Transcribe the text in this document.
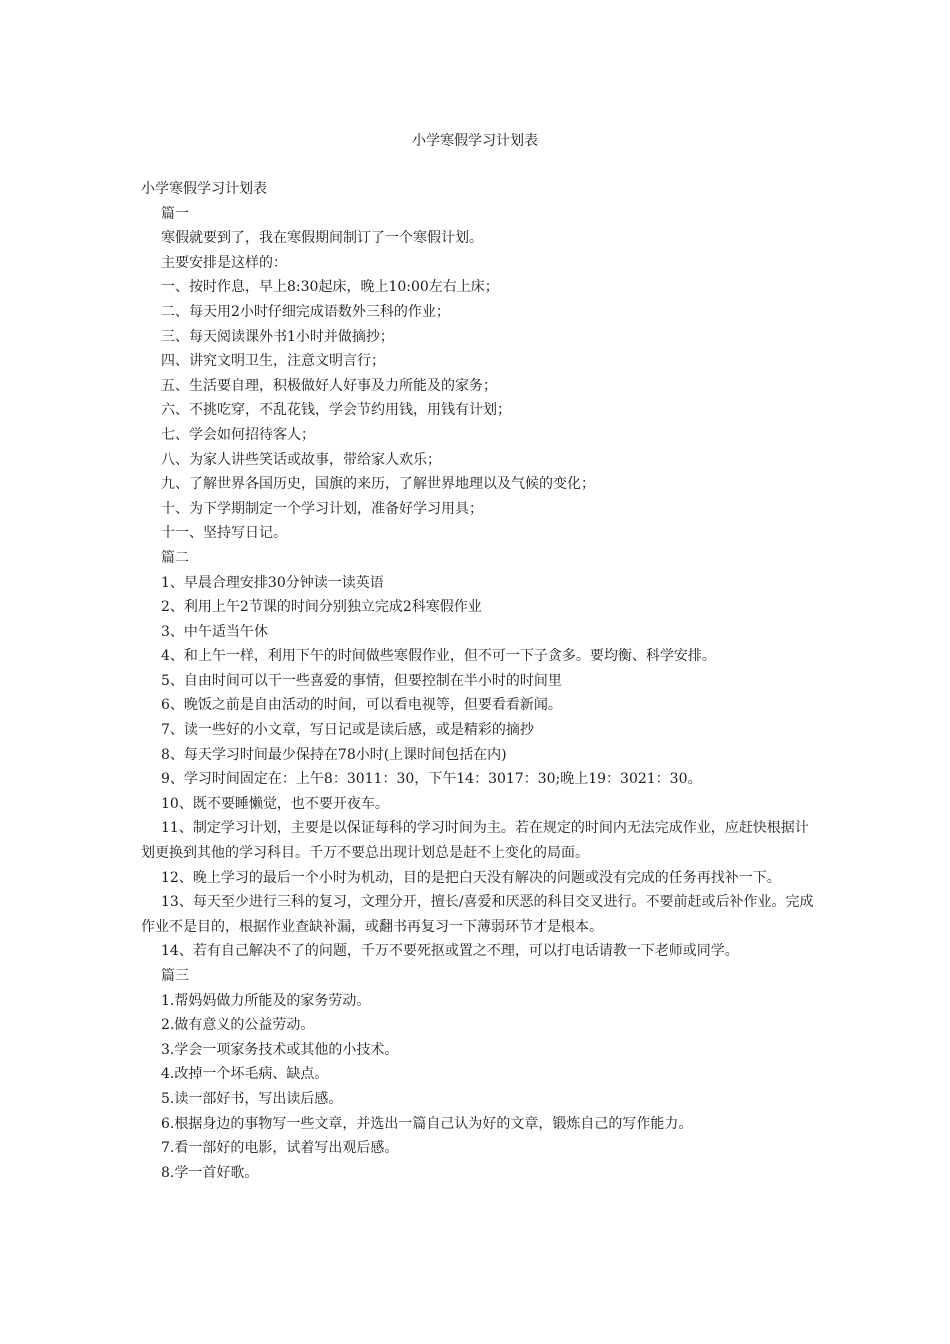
小学寒假学习计划表

小学寒假学习计划表

篇一

寒假就要到了，我在寒假期间制订了一个寒假计划。

主要安排是这样的：

一、按时作息，早上8:30起床，晚上10:00左右上床；

二、每天用2小时仔细完成语数外三科的作业；

三、每天阅读课外书1小时并做摘抄；

四、讲究文明卫生，注意文明言行；

五、生活要自理，积极做好人好事及力所能及的家务；

六、不挑吃穿，不乱花钱，学会节约用钱，用钱有计划；

七、学会如何招待客人；

八、为家人讲些笑话或故事，带给家人欢乐；

九、了解世界各国历史，国旗的来历，了解世界地理以及气候的变化；

十、为下学期制定一个学习计划，准备好学习用具；

十一、坚持写日记。

篇二

1、早晨合理安排30分钟读一读英语

2、利用上午2节课的时间分别独立完成2科寒假作业

3、中午适当午休

4、和上午一样，利用下午的时间做些寒假作业，但不可一下子贪多。要均衡、科学安排。

5、自由时间可以干一些喜爱的事情，但要控制在半小时的时间里

6、晚饭之前是自由活动的时间，可以看电视等，但要看看新闻。

7、读一些好的小文章，写日记或是读后感，或是精彩的摘抄

8、每天学习时间最少保持在78小时(上课时间包括在内)

9、学习时间固定在：上午8：3011：30，下午14：3017：30;晚上19：3021：30。

10、既不要睡懒觉，也不要开夜车。

11、制定学习计划，主要是以保证每科的学习时间为主。若在规定的时间内无法完成作业，应赶快根据计划更换到其他的学习科目。千万不要总出现计划总是赶不上变化的局面。

12、晚上学习的最后一个小时为机动，目的是把白天没有解决的问题或没有完成的任务再找补一下。

13、每天至少进行三科的复习，文理分开，擅长/喜爱和厌恶的科目交叉进行。不要前赶或后补作业。完成作业不是目的，根据作业查缺补漏，或翻书再复习一下薄弱环节才是根本。

14、若有自己解决不了的问题，千万不要死抠或置之不理，可以打电话请教一下老师或同学。

篇三

1.帮妈妈做力所能及的家务劳动。

2.做有意义的公益劳动。

3.学会一项家务技术或其他的小技术。

4.改掉一个坏毛病、缺点。

5.读一部好书，写出读后感。

6.根据身边的事物写一些文章，并选出一篇自己认为好的文章，锻炼自己的写作能力。

7.看一部好的电影，试着写出观后感。

8.学一首好歌。
